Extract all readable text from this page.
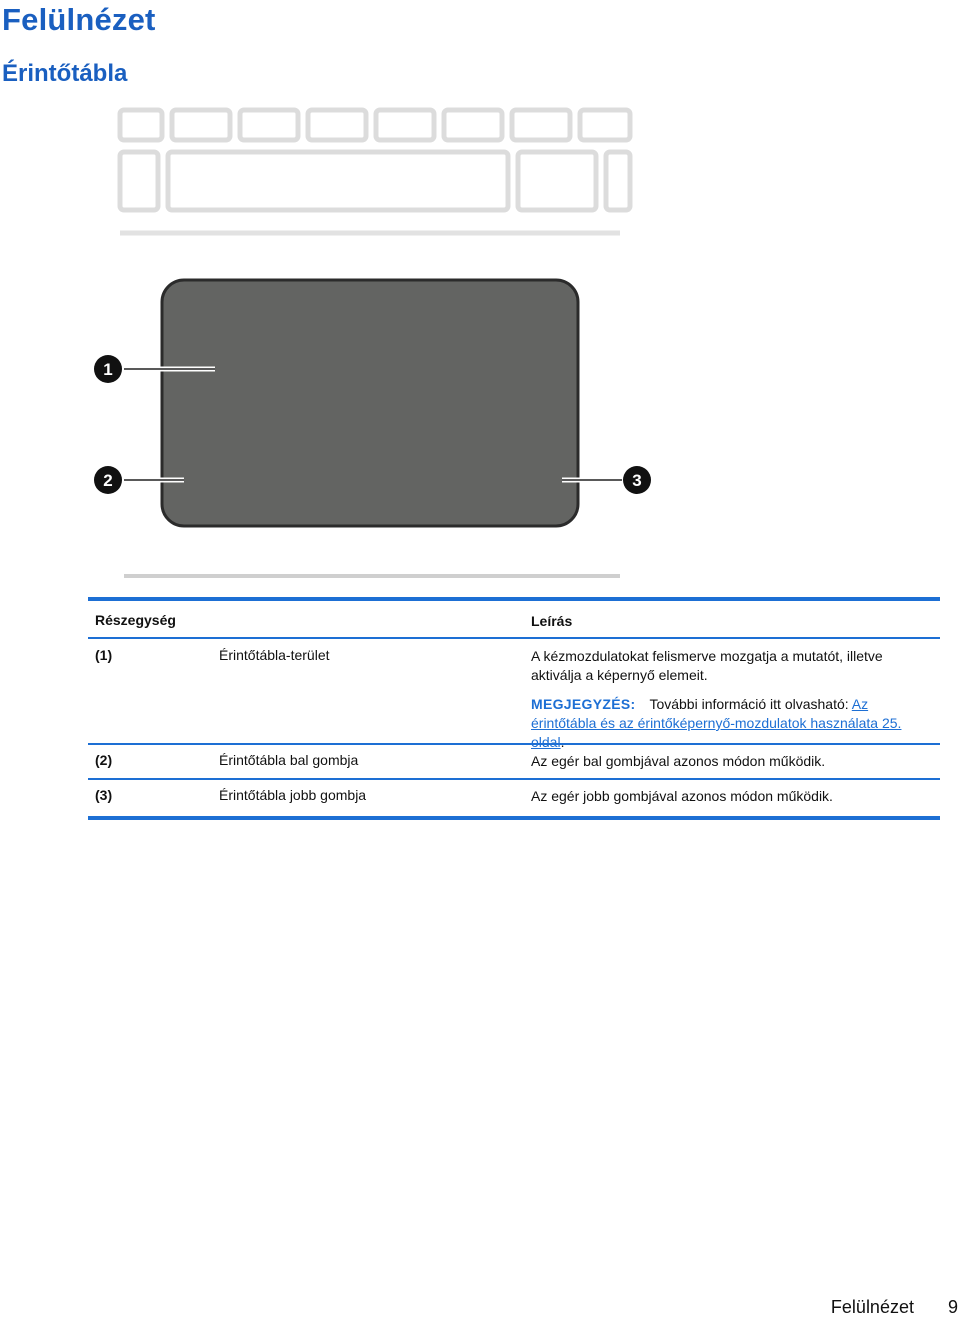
Felülnézet
Érintőtábla
1
2	3
Részegység	Leírás
(1)	Érintőtábla-terület	A kézmozdulatokat felismerve mozgatja a mutatót, illetve aktiválja a képernyő elemeit.
MEGJEGYZÉS: További információ itt olvasható: Az érintőtábla és az érintőképernyő-mozdulatok használata 25. oldal.
(2)	Érintőtábla bal gombja	Az egér bal gombjával azonos módon működik.
(3)	Érintőtábla jobb gombja	Az egér jobb gombjával azonos módon működik.
Felülnézet 9
